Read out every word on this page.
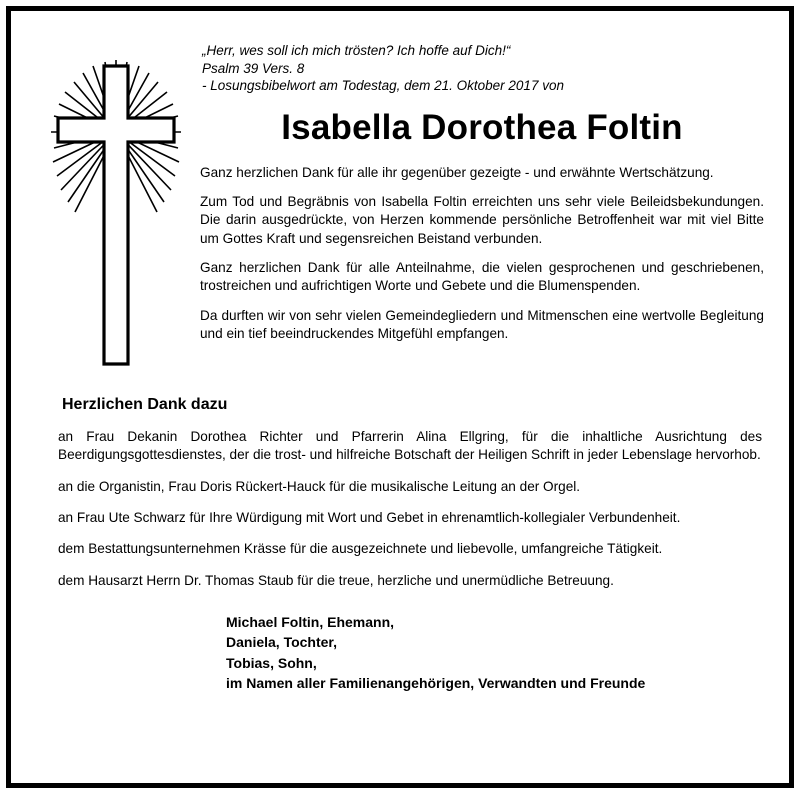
„Herr, wes soll ich mich trösten? Ich hoffe auf Dich!“
Psalm 39 Vers. 8
- Losungsbibelwort am Todestag, dem 21. Oktober 2017 von
Isabella Dorothea Foltin

Ganz herzlichen Dank für alle ihr gegenüber gezeigte - und erwähnte Wertschätzung.

Zum Tod und Begräbnis von Isabella Foltin erreichten uns sehr viele Beileidsbekundungen. Die darin ausgedrückte, von Herzen kommende persönliche Betroffenheit war mit viel Bitte um Gottes Kraft und segensreichen Beistand verbunden.

Ganz herzlichen Dank für alle Anteilnahme, die vielen gesprochenen und geschriebenen, trostreichen und aufrichtigen Worte und Gebete und die Blumenspenden.

Da durften wir von sehr vielen Gemeindegliedern und Mitmenschen eine wertvolle Begleitung und ein tief beeindruckendes Mitgefühl empfangen.

Herzlichen Dank dazu

an Frau Dekanin Dorothea Richter und Pfarrerin Alina Ellgring, für die inhaltliche Ausrichtung des Beerdigungsgottesdienstes, der die trost- und hilfreiche Botschaft der Heiligen Schrift in jeder Lebenslage hervorhob.

an die Organistin, Frau Doris Rückert-Hauck für die musikalische Leitung an der Orgel.

an Frau Ute Schwarz für Ihre Würdigung mit Wort und Gebet in ehrenamtlich-kollegialer Verbundenheit.

dem Bestattungsunternehmen Krässe für die ausgezeichnete und liebevolle, umfangreiche Tätigkeit.

dem Hausarzt Herrn Dr. Thomas Staub für die treue, herzliche und unermüdliche Betreuung.

Michael Foltin, Ehemann,
Daniela, Tochter,
Tobias, Sohn,
im Namen aller Familienangehörigen, Verwandten und Freunde
